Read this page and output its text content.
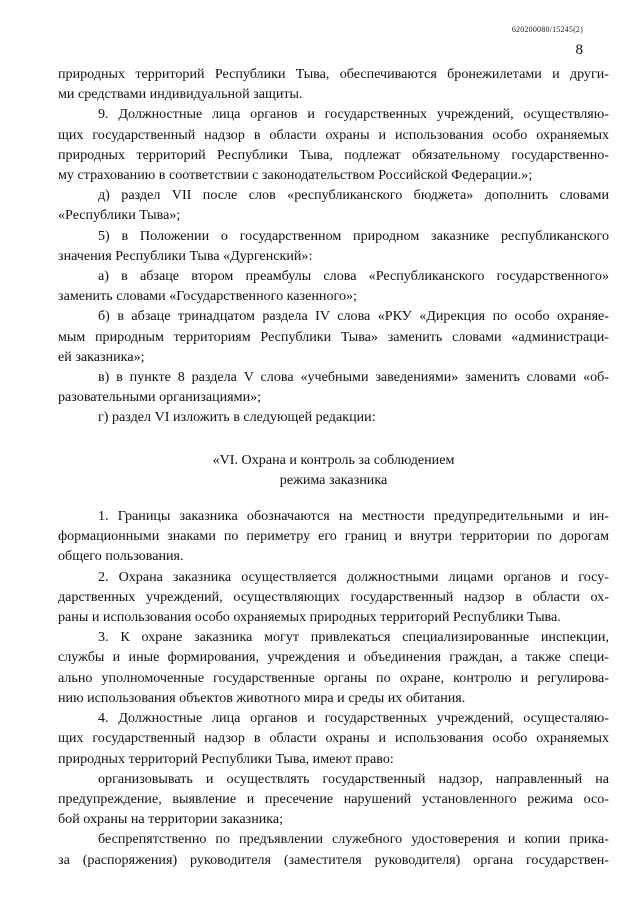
620200080/15245(2)
8
природных территорий Республики Тыва, обеспечиваются бронежилетами и други-
ми средствами индивидуальной защиты.
9. Должностные лица органов и государственных учреждений, осуществляю-
щих государственный надзор в области охраны и использования особо охраняемых
природных территорий Республики Тыва, подлежат обязательному государственно-
му страхованию в соответствии с законодательством Российской Федерации.»;
д) раздел VII после слов «республиканского бюджета» дополнить словами
«Республики Тыва»;
5) в Положении о государственном природном заказнике республиканского
значения Республики Тыва «Дургенский»:
а) в абзаце втором преамбулы слова «Республиканского государственного»
заменить словами «Государственного казенного»;
б) в абзаце тринадцатом раздела IV слова «РКУ «Дирекция по особо охраняе-
мым природным территориям Республики Тыва» заменить словами «администраци-
ей заказника»;
в) в пункте 8 раздела V слова «учебными заведениями» заменить словами «об-
разовательными организациями»;
г) раздел VI изложить в следующей редакции:
«VI. Охрана и контроль за соблюдением
режима заказника
1. Границы заказника обозначаются на местности предупредительными и ин-
формационными знаками по периметру его границ и внутри территории по дорогам
общего пользования.
2. Охрана заказника осуществляется должностными лицами органов и госу-
дарственных учреждений, осуществляющих государственный надзор в области ох-
раны и использования особо охраняемых природных территорий Республики Тыва.
3. К охране заказника могут привлекаться специализированные инспекции,
службы и иные формирования, учреждения и объединения граждан, а также специ-
ально уполномоченные государственные органы по охране, контролю и регулирова-
нию использования объектов животного мира и среды их обитания.
4. Должностные лица органов и государственных учреждений, осущесталяю-
щих государственный надзор в области охраны и использования особо охраняемых
природных территорий Республики Тыва, имеют право:
организовывать и осуществлять государственный надзор, направленный на
предупреждение, выявление и пресечение нарушений установленного режима осо-
бой охраны на территории заказника;
беспрепятственно по предъявлении служебного удостоверения и копии прика-
за (распоряжения) руководителя (заместителя руководителя) органа государствен-
